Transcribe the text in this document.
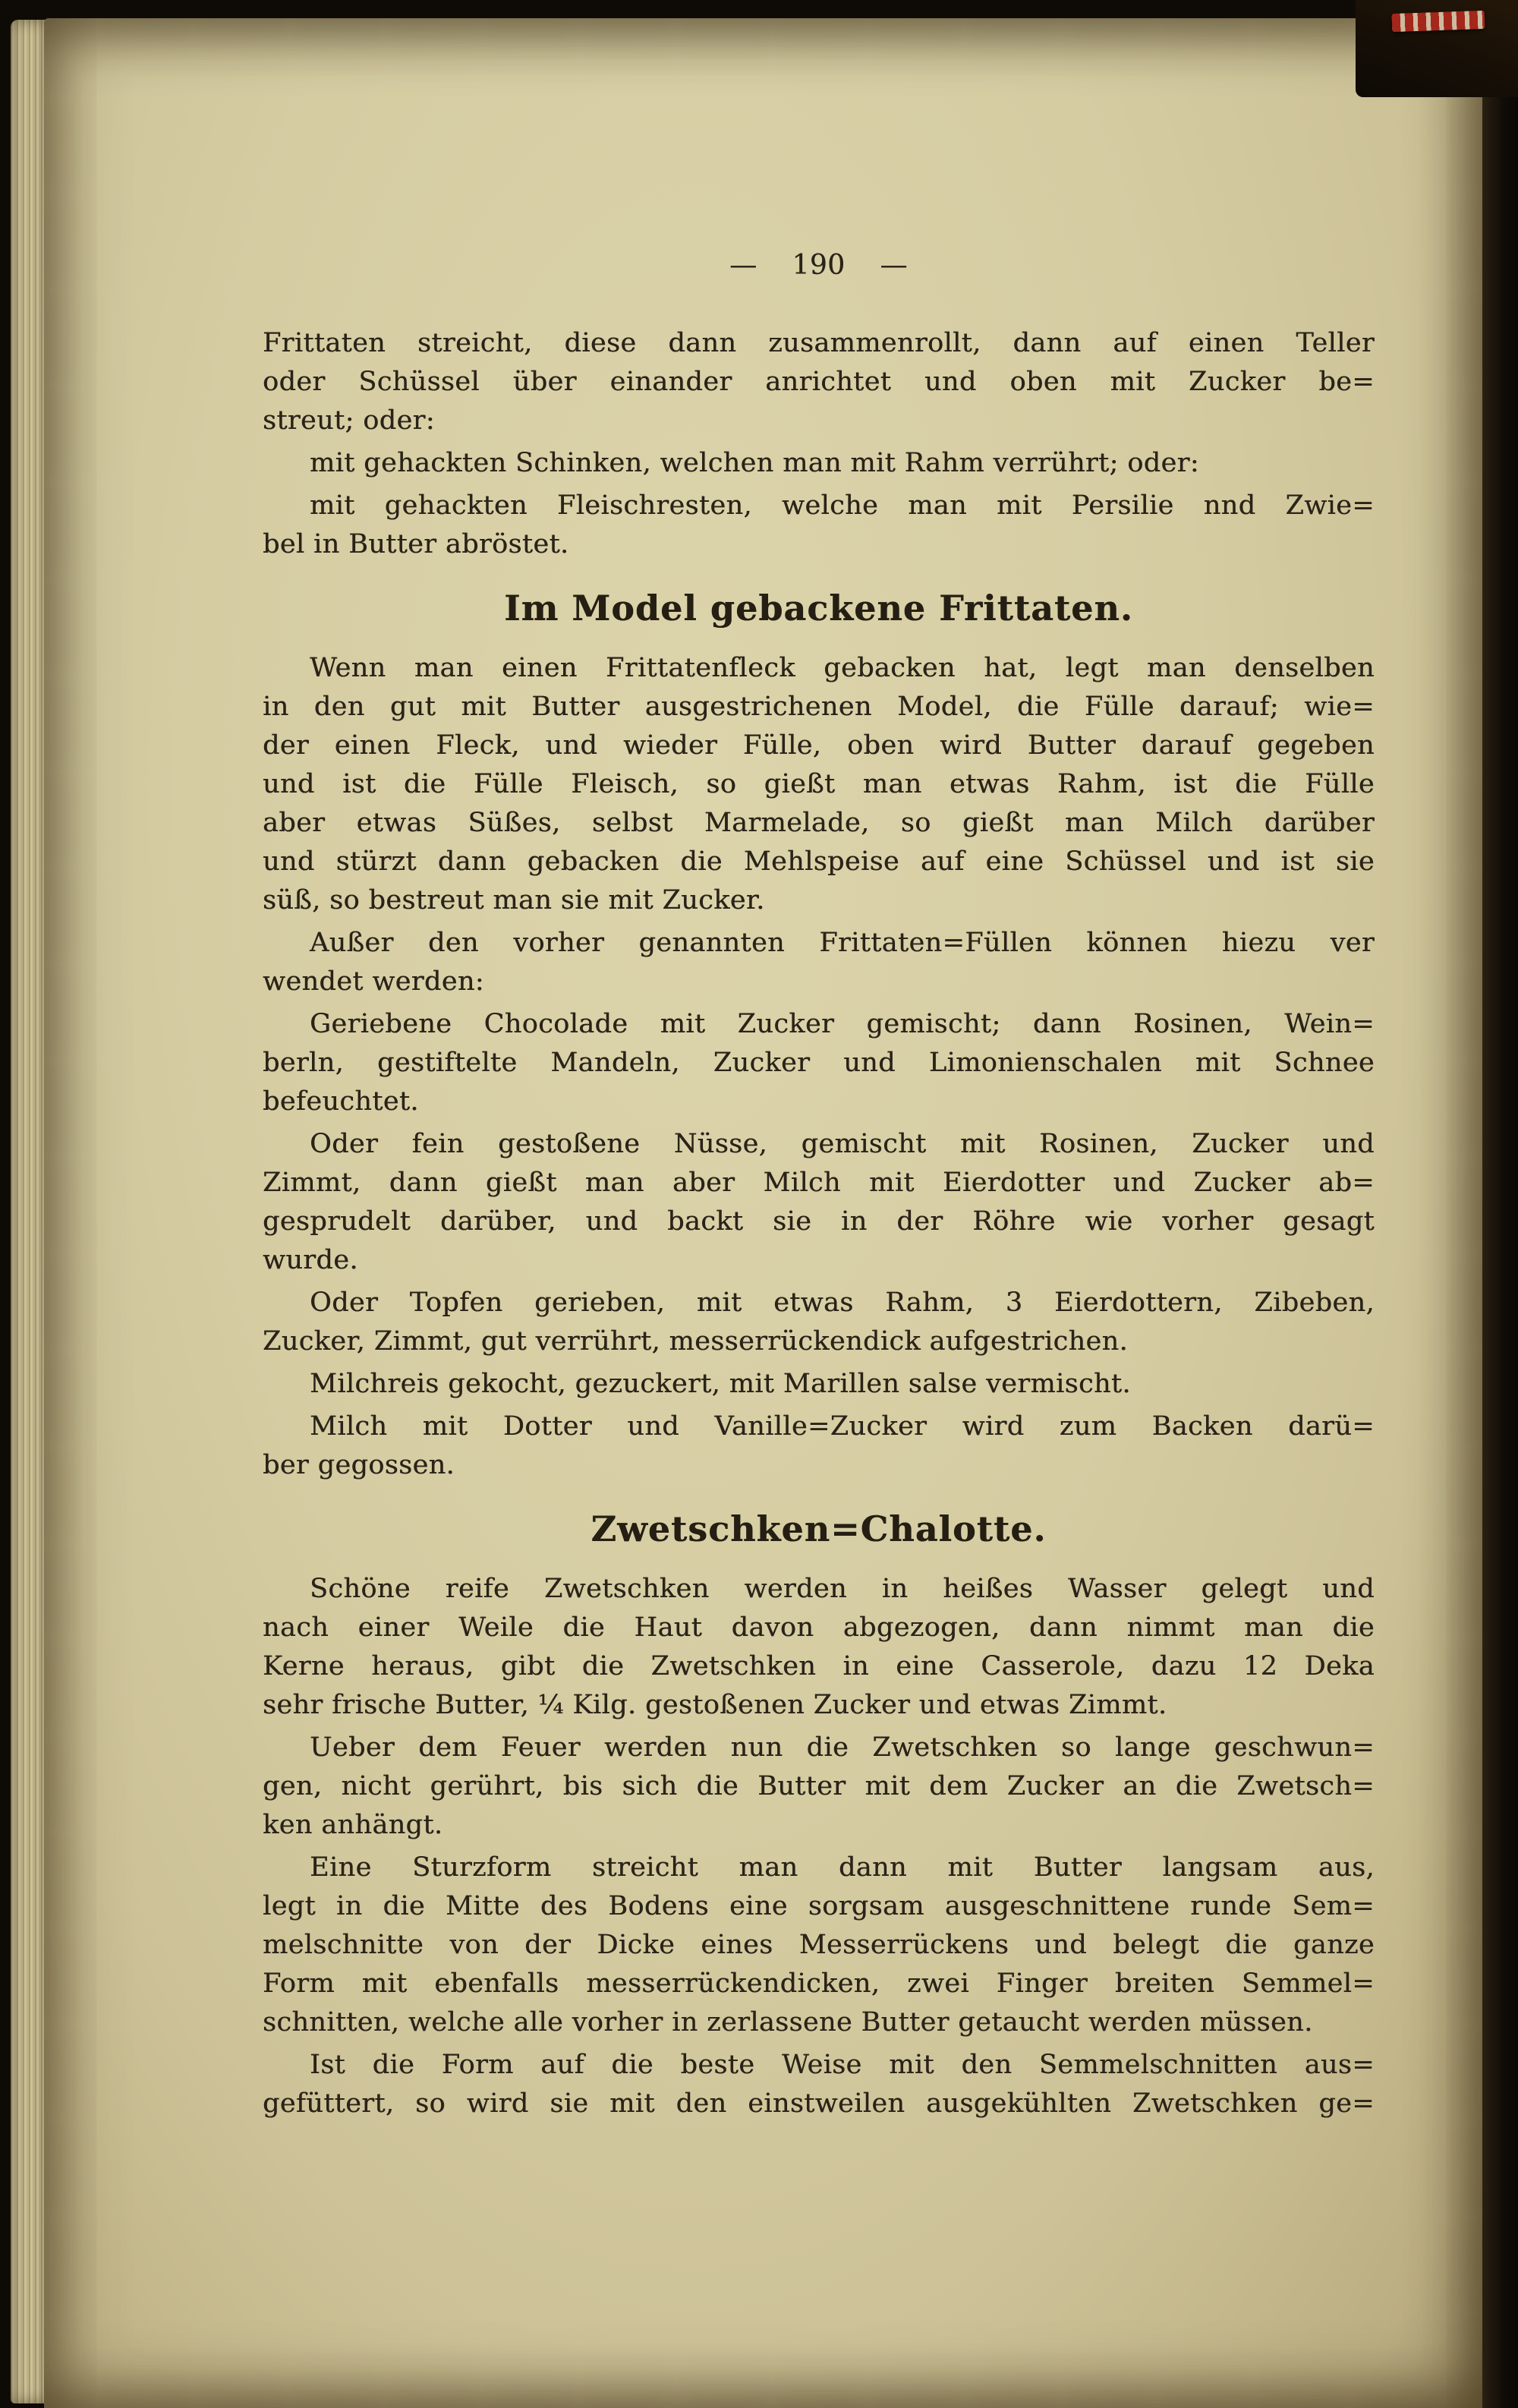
— 190 —
Frittaten streicht, diese dann zusammenrollt, dann auf einen Teller
oder Schüssel über einander anrichtet und oben mit Zucker be=
streut; oder:
mit gehackten Schinken, welchen man mit Rahm verrührt; oder:
mit gehackten Fleischresten, welche man mit Persilie nnd Zwie=
bel in Butter abröstet.
Im Model gebackene Frittaten.
Wenn man einen Frittatenfleck gebacken hat, legt man denselben
in den gut mit Butter ausgestrichenen Model, die Fülle darauf; wie=
der einen Fleck, und wieder Fülle, oben wird Butter darauf gegeben
und ist die Fülle Fleisch, so gießt man etwas Rahm, ist die Fülle
aber etwas Süßes, selbst Marmelade, so gießt man Milch darüber
und stürzt dann gebacken die Mehlspeise auf eine Schüssel und ist sie
süß, so bestreut man sie mit Zucker.
Außer den vorher genannten Frittaten=Füllen können hiezu ver
wendet werden:
Geriebene Chocolade mit Zucker gemischt; dann Rosinen, Wein=
berln, gestiftelte Mandeln, Zucker und Limonienschalen mit Schnee
befeuchtet.
Oder fein gestoßene Nüsse, gemischt mit Rosinen, Zucker und
Zimmt, dann gießt man aber Milch mit Eierdotter und Zucker ab=
gesprudelt darüber, und backt sie in der Röhre wie vorher gesagt
wurde.
Oder Topfen gerieben, mit etwas Rahm, 3 Eierdottern, Zibeben,
Zucker, Zimmt, gut verrührt, messerrückendick aufgestrichen.
Milchreis gekocht, gezuckert, mit Marillen salse vermischt.
Milch mit Dotter und Vanille=Zucker wird zum Backen darü=
ber gegossen.
Zwetschken=Chalotte.
Schöne reife Zwetschken werden in heißes Wasser gelegt und
nach einer Weile die Haut davon abgezogen, dann nimmt man die
Kerne heraus, gibt die Zwetschken in eine Casserole, dazu 12 Deka
sehr frische Butter, ¼ Kilg. gestoßenen Zucker und etwas Zimmt.
Ueber dem Feuer werden nun die Zwetschken so lange geschwun=
gen, nicht gerührt, bis sich die Butter mit dem Zucker an die Zwetsch=
ken anhängt.
Eine Sturzform streicht man dann mit Butter langsam aus,
legt in die Mitte des Bodens eine sorgsam ausgeschnittene runde Sem=
melschnitte von der Dicke eines Messerrückens und belegt die ganze
Form mit ebenfalls messerrückendicken, zwei Finger breiten Semmel=
schnitten, welche alle vorher in zerlassene Butter getaucht werden müssen.
Ist die Form auf die beste Weise mit den Semmelschnitten aus=
gefüttert, so wird sie mit den einstweilen ausgekühlten Zwetschken ge=
